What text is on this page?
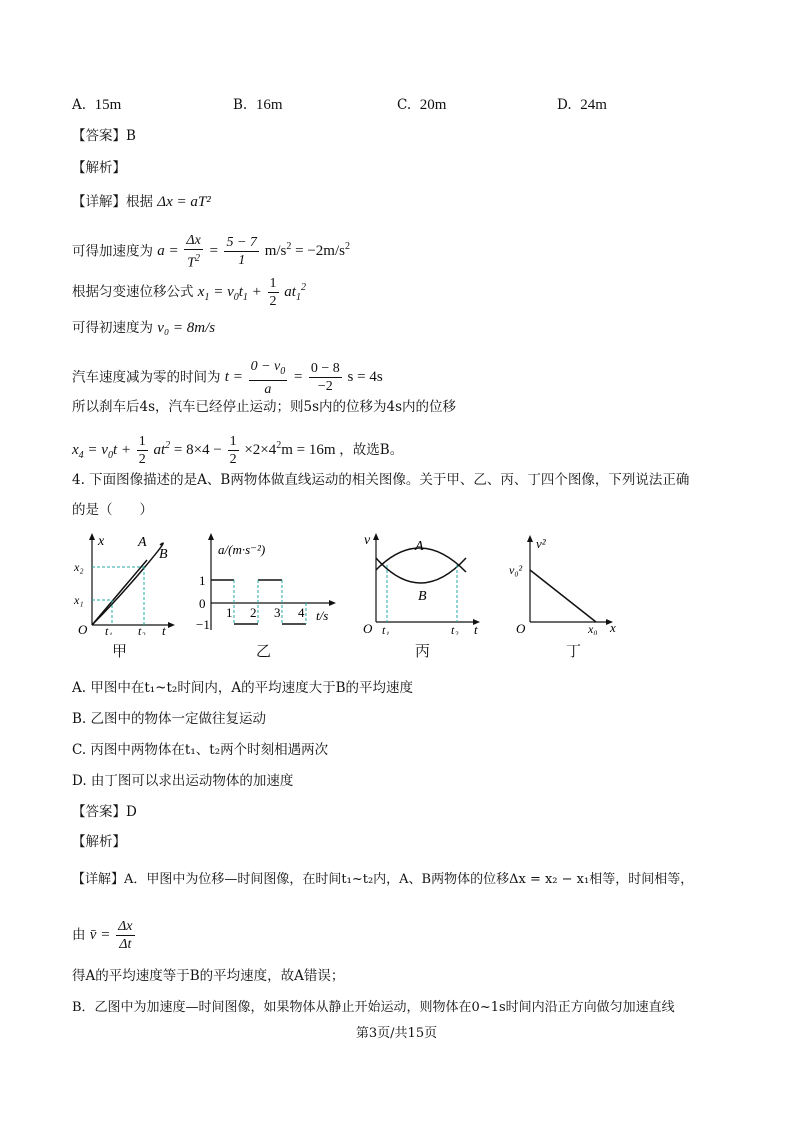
A. 15m	B. 16m	C. 20m	D. 24m
【答案】B
【解析】
【详解】根据 Δx = aT²
可得加速度为 $a = \frac{\Delta x}{T^2} = \frac{5 - 7}{1} m/s^2 = -2m/s^2$
根据匀变速位移公式 $x_1 = v_0t_1 + \frac{1}{2} at_1^2$
可得初速度为 v₀ = 8m/s
汽车速度减为零的时间为 $t = \frac{0 - v_0}{a} = \frac{0 - 8}{-2}$ s = 4s
所以刹车后4s，汽车已经停止运动；则5s内的位移为4s内的位移
$x_4 = v_0t + \frac{1}{2} at^2 = 8\times 4 - \frac{1}{2} \times 2\times 4^2m = 16m$ ，故选B。
4. 下面图像描述的是A、B两物体做直线运动的相关图像。关于甲、乙、丙、丁四个图像，下列说法正确
的是（　　）
x A
B
x₂
x₁
O t₁ t₂ t
甲
a/(m·s⁻²)
1
0
−1
1 2 3 4 t/s
乙
v	A
B
O t₁	t₂ t
丙
v²
v₀²
O	x₀ x
丁
A. 甲图中在t₁~t₂时间内，A的平均速度大于B的平均速度
B. 乙图中的物体一定做往复运动
C. 丙图中两物体在t₁、t₂两个时刻相遇两次
D. 由丁图可以求出运动物体的加速度
【答案】D
【解析】
【详解】A．甲图中为位移—时间图像，在时间t₁~t₂内，A、B两物体的位移Δx = x₂ − x₁相等，时间相等，
由 v̄ = $\frac{\Delta x}{\Delta t}$
得A的平均速度等于B的平均速度，故A错误；
B．乙图中为加速度—时间图像，如果物体从静止开始运动，则物体在0~1s时间内沿正方向做匀加速直线
第3页/共15页
